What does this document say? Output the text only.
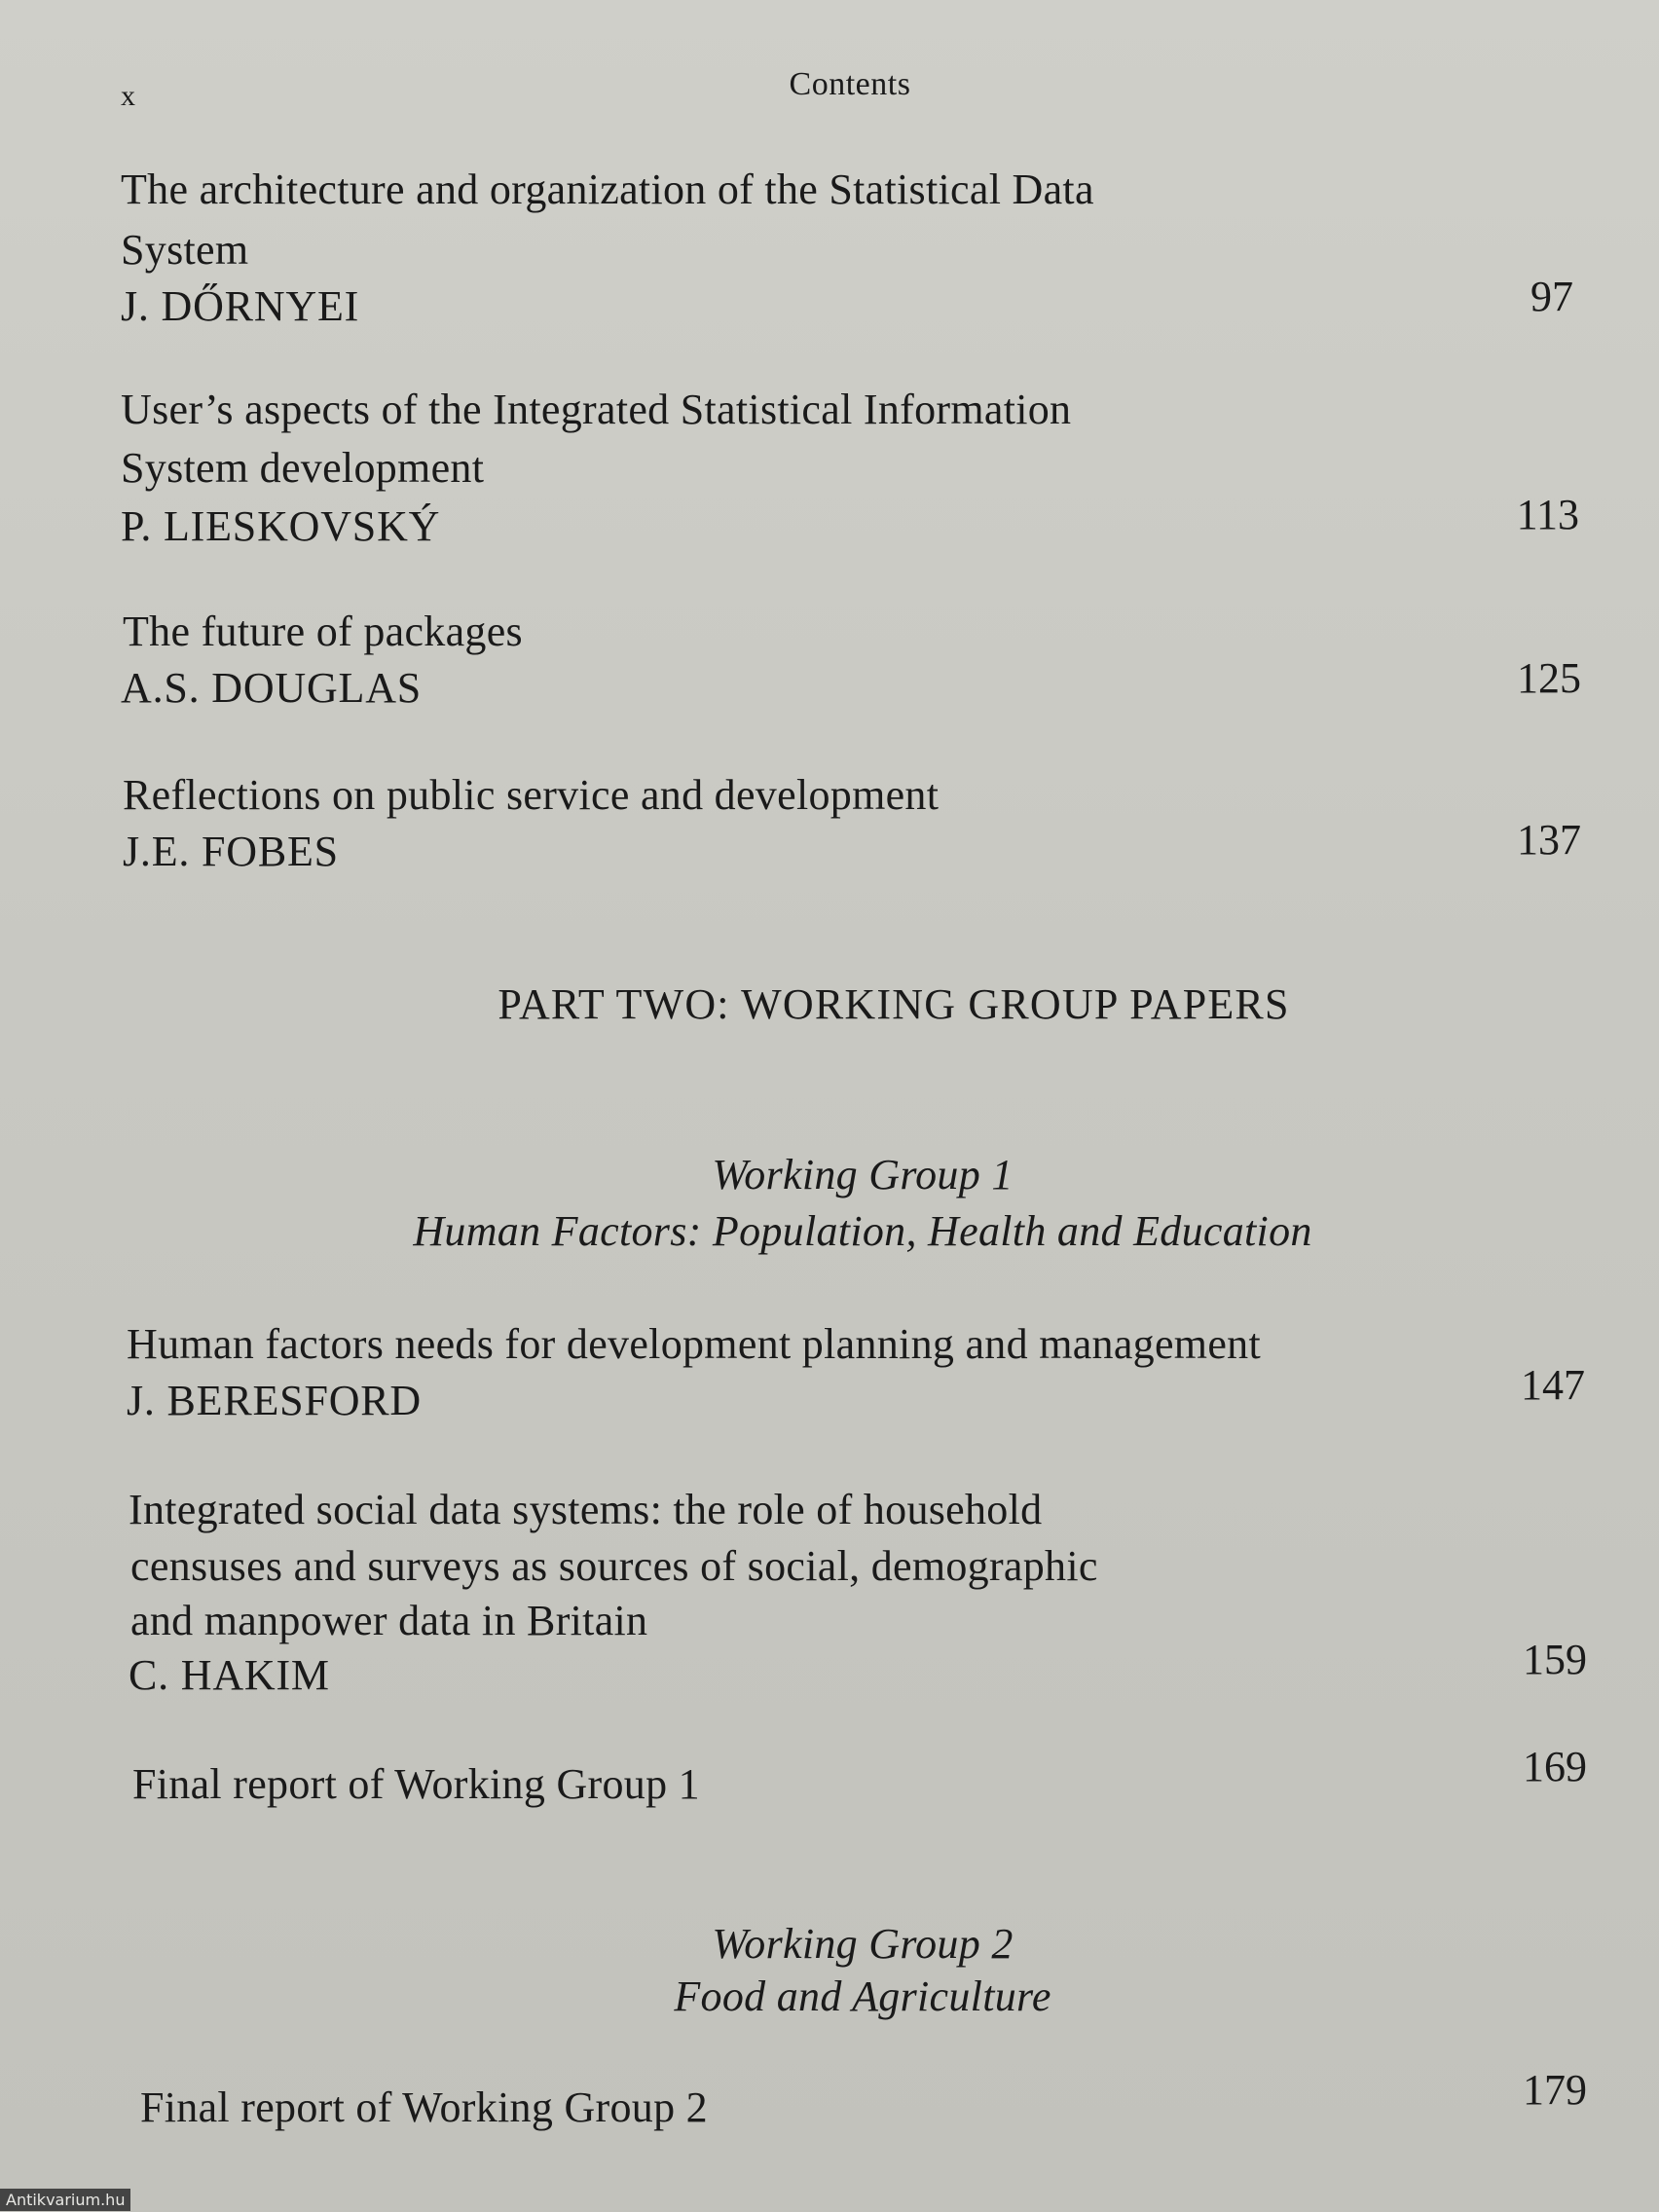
x	Contents
The architecture and organization of the Statistical Data
System
J. DŐRNYEI	97
User’s aspects of the Integrated Statistical Information
System development
P. LIESKOVSKÝ	113
The future of packages
A.S. DOUGLAS	125
Reflections on public service and development
J.E. FOBES	137
PART TWO: WORKING GROUP PAPERS
Working Group 1
Human Factors: Population, Health and Education
Human factors needs for development planning and management
J. BERESFORD	147
Integrated social data systems: the role of household
censuses and surveys as sources of social, demographic
and manpower data in Britain
C. HAKIM	159
Final report of Working Group 1	169
Working Group 2
Food and Agriculture
Final report of Working Group 2	179
Antikvarium.hu
